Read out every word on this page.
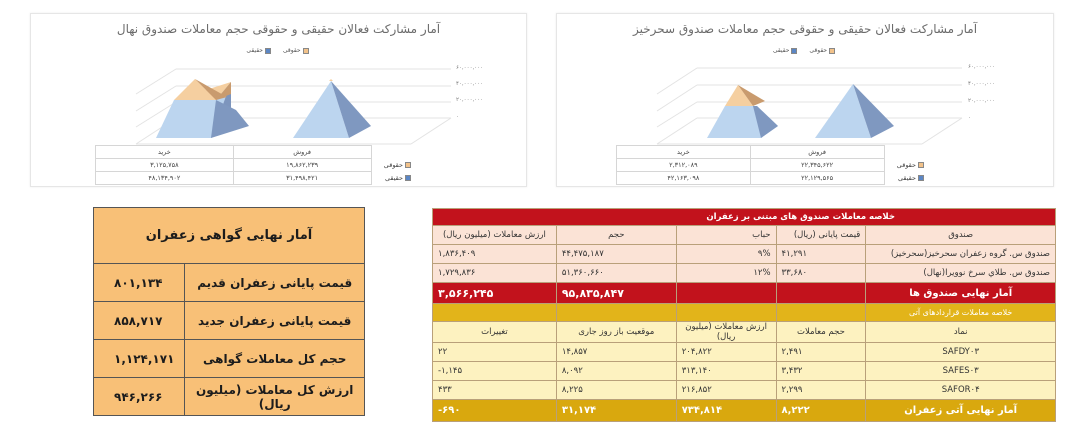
آمار مشارکت فعالان حقیقی و حقوقی حجم معاملات صندوق نهال
حقوقی حقیقی
۶۰,۰۰۰,۰۰۰
۴۰,۰۰۰,۰۰۰
۲۰,۰۰۰,۰۰۰
۰
	فروش	خرید
حقوقی	۱۹,۸۶۲,۲۳۹	۳,۱۲۵,۷۵۸
حقیقی	۳۱,۴۹۸,۴۲۱	۴۸,۱۳۴,۹۰۲
آمار مشارکت فعالان حقیقی و حقوقی حجم معاملات صندوق سحرخیز
حقوقی حقیقی
۶۰,۰۰۰,۰۰۰
۴۰,۰۰۰,۰۰۰
۲۰,۰۰۰,۰۰۰
۰
	فروش	خرید
حقوقی	۲۲,۳۴۵,۶۲۲	۲,۳۱۲,۰۸۹
حقیقی	۲۲,۱۲۹,۵۶۵	۴۲,۱۶۳,۰۹۸
آمار نهایی گواهی زعفران	
قیمت پایانی زعفران قدیم	۸۰۱,۱۳۴
قیمت پایانی زعفران جدید	۸۵۸,۷۱۷
حجم کل معاملات گواهی	۱,۱۲۴,۱۷۱
ارزش کل معاملات (میلیون ریال)	۹۴۶,۲۶۶
خلاصه معاملات صندوق های مبتنی بر زعفران				
صندوق	قیمت پایانی (ریال)	حباب	حجم	ارزش معاملات (میلیون ریال)
صندوق س. گروه زعفران سحرخیز(سحرخیز)	۴۱,۲۹۱	۹%	۴۴,۴۷۵,۱۸۷	۱,۸۳۶,۴۰۹
صندوق س. طلاي سرخ نوويرا(نهال)	۳۳,۶۸۰	۱۲%	۵۱,۳۶۰,۶۶۰	۱,۷۲۹,۸۳۶
آمار نهایی صندوق ها			۹۵,۸۳۵,۸۴۷	۳,۵۶۶,۲۴۵
خلاصه معاملات قراردادهای آتی				
نماد	حجم معاملات	ارزش معاملات (میلیون ریال)	موقعیت باز روز جاری	تغییرات
SAFDY۰۳	۲,۴۹۱	۲۰۴,۸۲۲	۱۴,۸۵۷	۲۲
SAFES۰۳	۳,۴۳۲	۳۱۳,۱۴۰	۸,۰۹۲	-۱,۱۴۵
SAFOR۰۴	۲,۲۹۹	۲۱۶,۸۵۲	۸,۲۲۵	۴۳۳
آمار نهایی آتی زعفران	۸,۲۲۲	۷۳۴,۸۱۴	۳۱,۱۷۴	-۶۹۰
